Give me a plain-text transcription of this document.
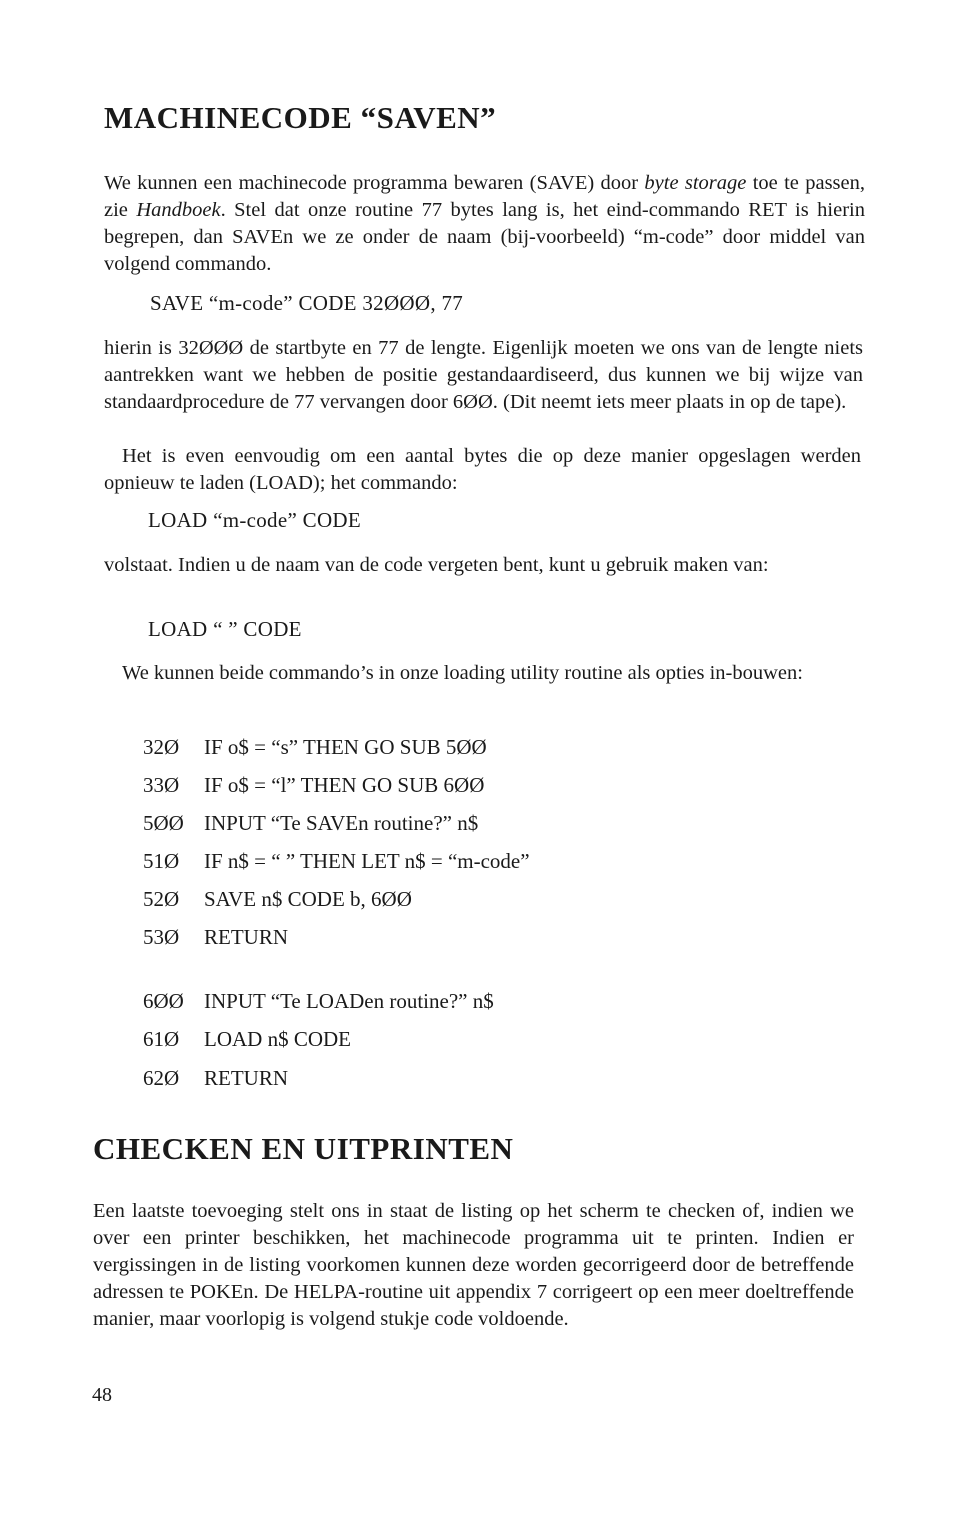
MACHINECODE “SAVEN”

We kunnen een machinecode programma bewaren (SAVE) door byte storage toe te passen, zie Handboek. Stel dat onze routine 77 bytes lang is, het eind-commando RET is hierin begrepen, dan SAVEn we ze onder de naam (bij-voorbeeld) “m-code” door middel van volgend commando.

SAVE “m-code” CODE 32ØØØ, 77

hierin is 32ØØØ de startbyte en 77 de lengte. Eigenlijk moeten we ons van de lengte niets aantrekken want we hebben de positie gestandaardiseerd, dus kunnen we bij wijze van standaardprocedure de 77 vervangen door 6ØØ. (Dit neemt iets meer plaats in op de tape).

Het is even eenvoudig om een aantal bytes die op deze manier opgeslagen werden opnieuw te laden (LOAD); het commando:

LOAD “m-code” CODE

volstaat. Indien u de naam van de code vergeten bent, kunt u gebruik maken van:

LOAD “ ” CODE

We kunnen beide commando’s in onze loading utility routine als opties in-bouwen:

32Ø IF o$ = “s” THEN GO SUB 5ØØ
33Ø IF o$ = “l” THEN GO SUB 6ØØ
5ØØ INPUT “Te SAVEn routine?” n$
51Ø IF n$ = “ ” THEN LET n$ = “m-code”
52Ø SAVE n$ CODE b, 6ØØ
53Ø RETURN
6ØØ INPUT “Te LOADen routine?” n$
61Ø LOAD n$ CODE
62Ø RETURN
CHECKEN EN UITPRINTEN

Een laatste toevoeging stelt ons in staat de listing op het scherm te checken of, indien we over een printer beschikken, het machinecode programma uit te printen. Indien er vergissingen in de listing voorkomen kunnen deze worden gecorrigeerd door de betreffende adressen te POKEn. De HELPA-routine uit appendix 7 corrigeert op een meer doeltreffende manier, maar voorlopig is volgend stukje code voldoende.

48
